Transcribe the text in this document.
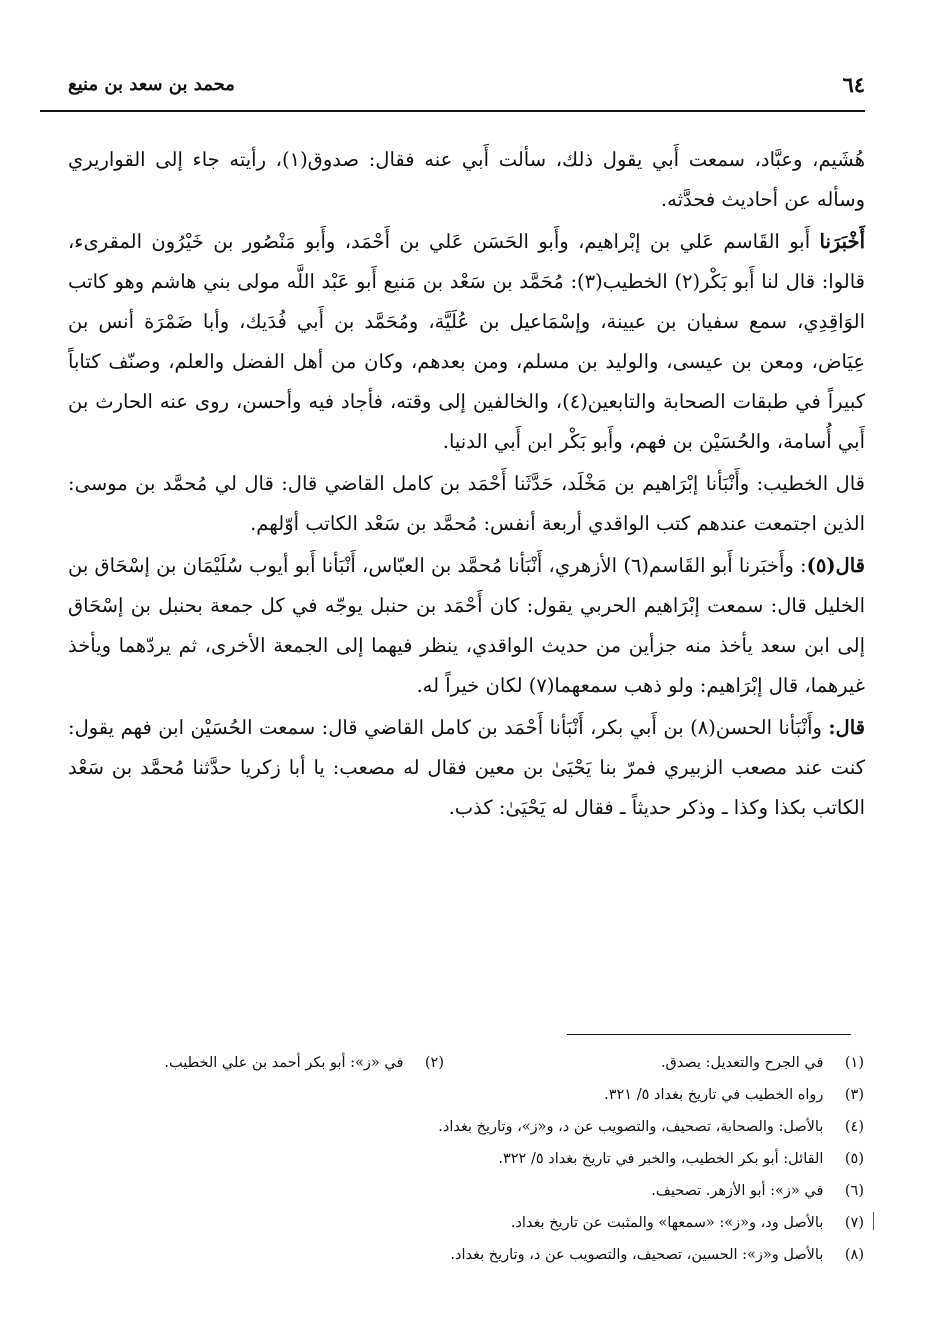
٦٤
محمد بن سعد بن منيع

هُشَيم، وعبَّاد، سمعت أَبي يقول ذلك، سألت أَبي عنه فقال: صدوق(١)، رأيته جاء إلى القواريري وسأله عن أحاديث فحدَّثه.

أَخْبَرَنا أَبو القَاسم عَلي بن إبْراهيم، وأَبو الحَسَن عَلي بن أَحْمَد، وأَبو مَنْصُور بن خَيْرُون المقرىء، قالوا: قال لنا أَبو بَكْر(٢) الخطيب(٣): مُحَمَّد بن سَعْد بن مَنيع أَبو عَبْد اللَّه مولى بني هاشم وهو كاتب الوَاقِدِي، سمع سفيان بن عيينة، وإسْمَاعيل بن عُلَيَّة، ومُحَمَّد بن أَبي فُدَيك، وأبا ضَمْرَة أنس بن عِيَاض، ومعن بن عيسى، والوليد بن مسلم، ومن بعدهم، وكان من أهل الفضل والعلم، وصنّف كتاباً كبيراً في طبقات الصحابة والتابعين(٤)، والخالفين إلى وقته، فأجاد فيه وأحسن، روى عنه الحارث بن أَبي أُسامة، والحُسَيْن بن فهم، وأَبو بَكْر ابن أَبي الدنيا.

قال الخطيب: وأَنْبَأنا إبْرَاهيم بن مَخْلَد، حَدَّثَنا أَحْمَد بن كامل القاضي قال: قال لي مُحمَّد بن موسى: الذين اجتمعت عندهم كتب الواقدي أربعة أنفس: مُحمَّد بن سَعْد الكاتب أوّلهم.

قال(٥): وأَخبَرنا أَبو القَاسم(٦) الأزهري، أَنْبَأنا مُحمَّد بن العبّاس، أَنْبَأنا أَبو أيوب سُلَيْمَان بن إسْحَاق بن الخليل قال: سمعت إبْرَاهيم الحربي يقول: كان أَحْمَد بن حنبل يوجّه في كل جمعة بحنبل بن إسْحَاق إلى ابن سعد يأخذ منه جزأين من حديث الواقدي، ينظر فيهما إلى الجمعة الأخرى، ثم يردّهما ويأخذ غيرهما، قال إبْرَاهيم: ولو ذهب سمعهما(٧) لكان خيراً له.

قال: وأَنْبَأنا الحسن(٨) بن أَبي بكر، أَنْبَأنا أَحْمَد بن كامل القاضي قال: سمعت الحُسَيْن ابن فهم يقول: كنت عند مصعب الزبيري فمرّ بنا يَحْيَىٰ بن معين فقال له مصعب: يا أبا زكريا حدَّثنا مُحمَّد بن سَعْد الكاتب بكذا وكذا ـ وذكر حديثاً ـ فقال له يَحْيَىٰ: كذب.

(١) في الجرح والتعديل: يصدق.
(٢) في «ز»: أبو بكر أحمد بن علي الخطيب.
(٣) رواه الخطيب في تاريخ بغداد ٥/ ٣٢١.
(٤) بالأصل: والصحابة، تصحيف، والتصويب عن د، و«ز»، وتاريخ بغداد.
(٥) القائل: أبو بكر الخطيب، والخبر في تاريخ بغداد ٥/ ٣٢٢.
(٦) في «ز»: أبو الأزهر. تصحيف.
(٧) بالأصل ود، و«ز»: «سمعها» والمثبت عن تاريخ بغداد.
(٨) بالأصل و«ز»: الحسين، تصحيف، والتصويب عن د، وتاريخ بغداد.
